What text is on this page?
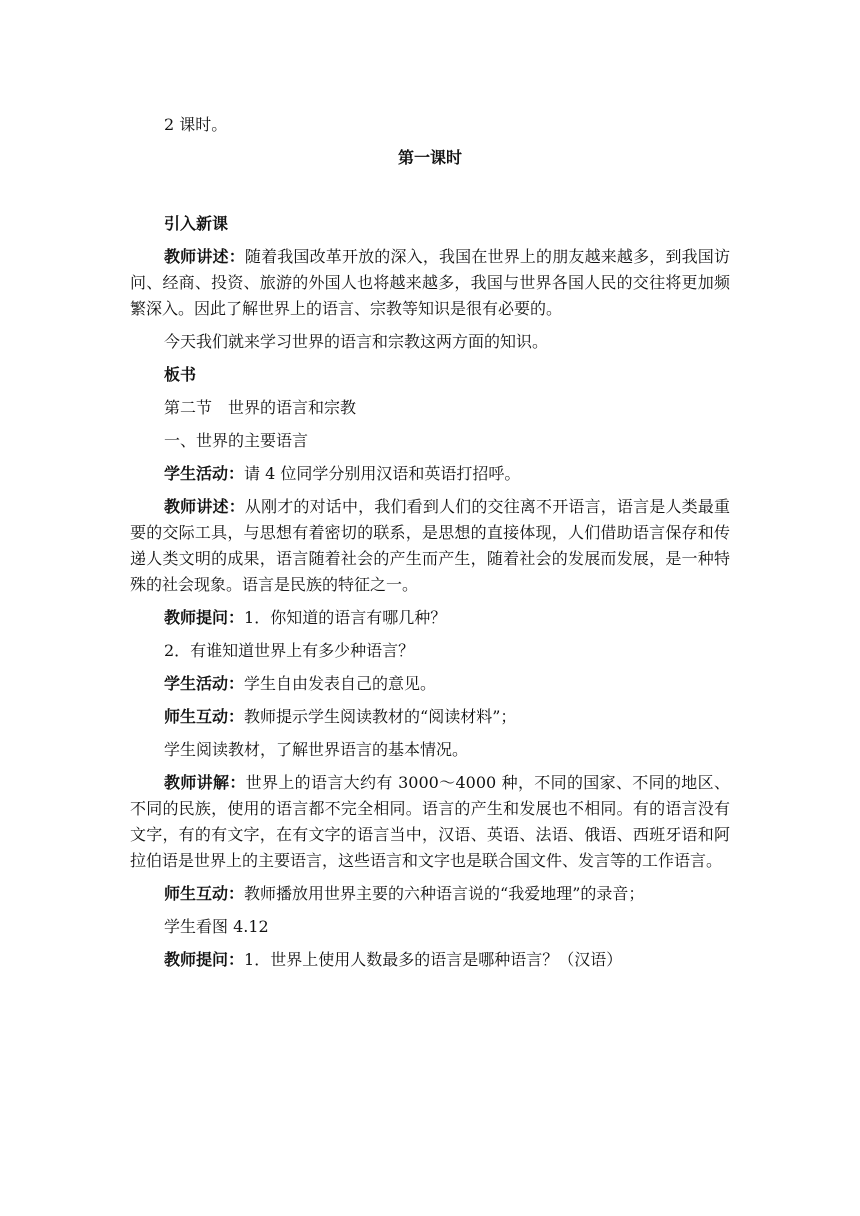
2 课时。

第一课时

引入新课

教师讲述：随着我国改革开放的深入，我国在世界上的朋友越来越多，到我国访问、经商、投资、旅游的外国人也将越来越多，我国与世界各国人民的交往将更加频繁深入。因此了解世界上的语言、宗教等知识是很有必要的。

今天我们就来学习世界的语言和宗教这两方面的知识。

板书

第二节　世界的语言和宗教

一、世界的主要语言

学生活动：请 4 位同学分别用汉语和英语打招呼。

教师讲述：从刚才的对话中，我们看到人们的交往离不开语言，语言是人类最重要的交际工具，与思想有着密切的联系，是思想的直接体现，人们借助语言保存和传递人类文明的成果，语言随着社会的产生而产生，随着社会的发展而发展，是一种特殊的社会现象。语言是民族的特征之一。

教师提问：1．你知道的语言有哪几种？

2．有谁知道世界上有多少种语言？

学生活动：学生自由发表自己的意见。

师生互动：教师提示学生阅读教材的“阅读材料”；

学生阅读教材，了解世界语言的基本情况。

教师讲解：世界上的语言大约有 3000～4000 种，不同的国家、不同的地区、不同的民族，使用的语言都不完全相同。语言的产生和发展也不相同。有的语言没有文字，有的有文字，在有文字的语言当中，汉语、英语、法语、俄语、西班牙语和阿拉伯语是世界上的主要语言，这些语言和文字也是联合国文件、发言等的工作语言。

师生互动：教师播放用世界主要的六种语言说的“我爱地理”的录音；

学生看图 4.12

教师提问：1．世界上使用人数最多的语言是哪种语言？（汉语）
